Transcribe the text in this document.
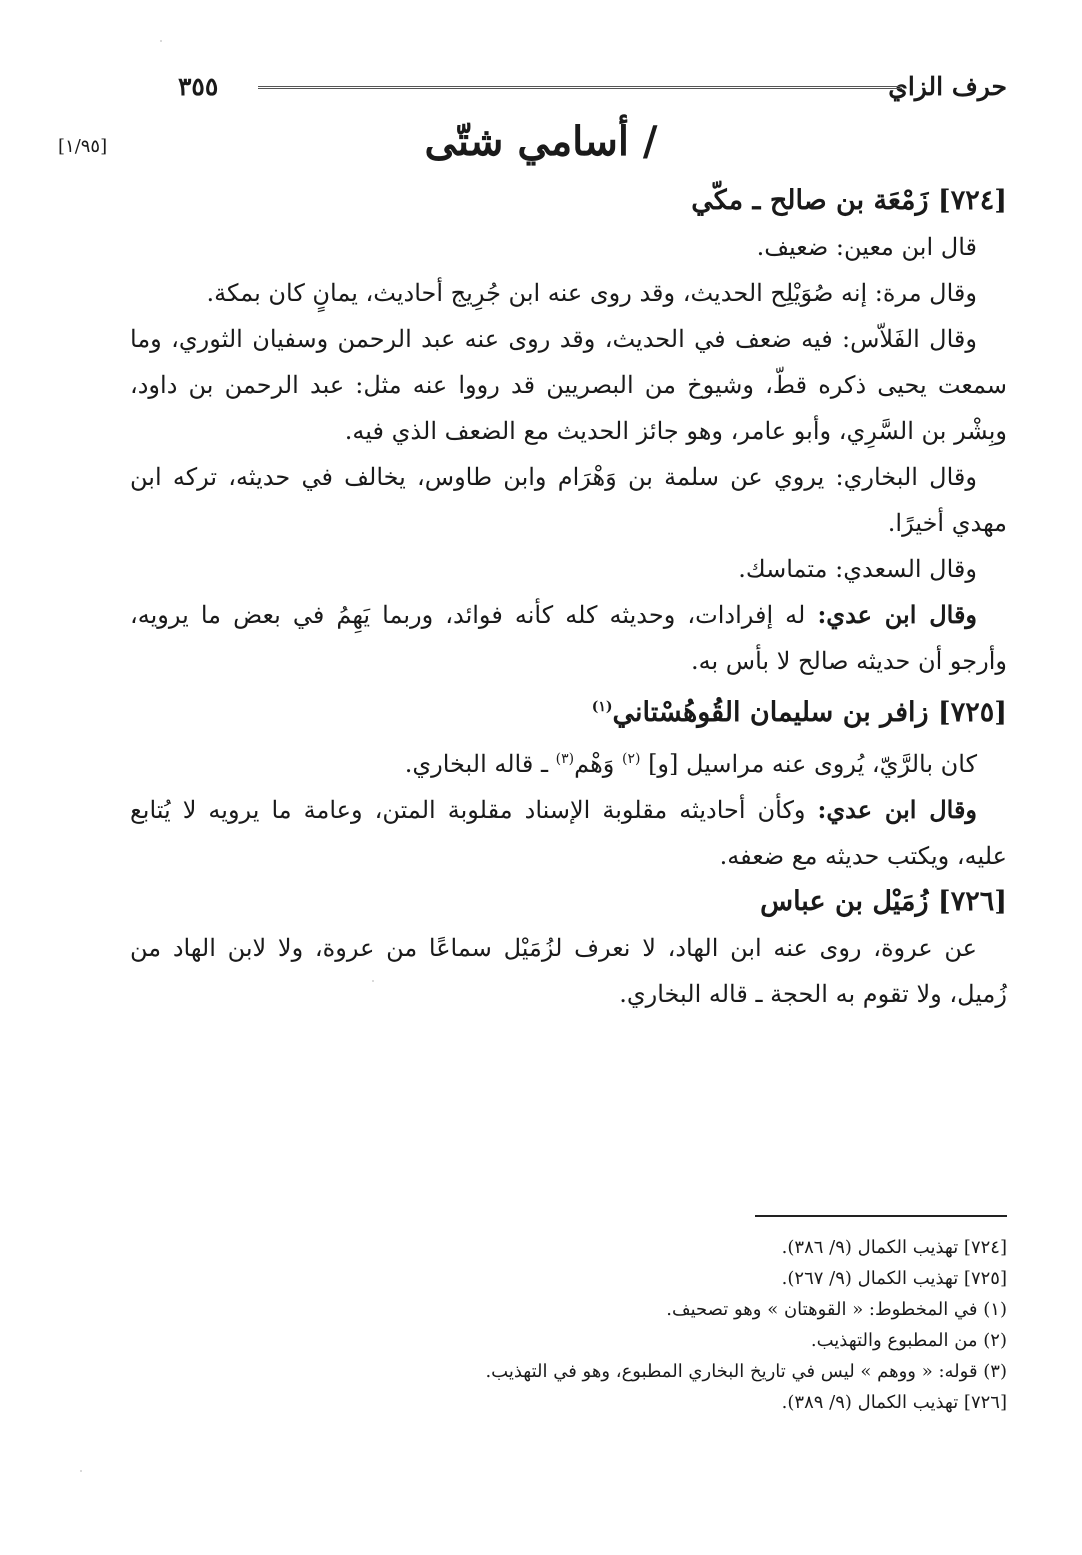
حرف الزاي
٣٥٥
[١/٩٥]	/ أسامي شتّى

[٧٢٤] زَمْعَة بن صالح ـ مكّي

قال ابن معين: ضعيف.

وقال مرة: إنه صُوَيْلِح الحديث، وقد روى عنه ابن جُرِيج أحاديث، يمانٍ كان بمكة.

وقال الفَلاّس: فيه ضعف في الحديث، وقد روى عنه عبد الرحمن وسفيان الثوري، وما سمعت يحيى ذكره قطّ، وشيوخ من البصريين قد رووا عنه مثل: عبد الرحمن بن داود، وبِشْر بن السَّرِي، وأبو عامر، وهو جائز الحديث مع الضعف الذي فيه.

وقال البخاري: يروي عن سلمة بن وَهْرَام وابن طاوس، يخالف في حديثه، تركه ابن مهدي أخيرًا.

وقال السعدي: متماسك.

وقال ابن عدي: له إفرادات، وحديثه كله كأنه فوائد، وربما يَهِمُ في بعض ما يرويه، وأرجو أن حديثه صالح لا بأس به.

[٧٢٥] زافر بن سليمان القُوهُسْتاني$^{(١)}$

كان بالرَّيّ، يُروى عنه مراسيل [و] $^{(٢)}$ وَهْم$^{(٣)}$ ـ قاله البخاري.

وقال ابن عدي: وكأن أحاديثه مقلوبة الإسناد مقلوبة المتن، وعامة ما يرويه لا يُتابع عليه، ويكتب حديثه مع ضعفه.

[٧٢٦] زُمَيْل بن عباس

عن عروة، روى عنه ابن الهاد، لا نعرف لزُمَيْل سماعًا من عروة، ولا لابن الهاد من زُميل، ولا تقوم به الحجة ـ قاله البخاري.

[٧٢٤] تهذيب الكمال (٩/ ٣٨٦).

[٧٢٥] تهذيب الكمال (٩/ ٢٦٧).

(١) في المخطوط: « القوهتان » وهو تصحيف.

(٢) من المطبوع والتهذيب.

(٣) قوله: « ووهم » ليس في تاريخ البخاري المطبوع، وهو في التهذيب.

[٧٢٦] تهذيب الكمال (٩/ ٣٨٩).
